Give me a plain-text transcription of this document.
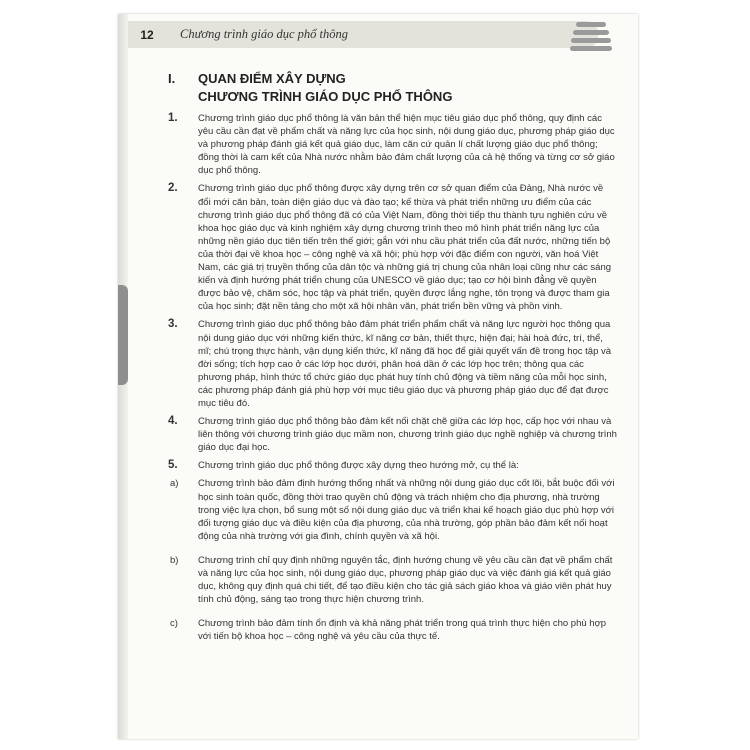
12	Chương trình giáo dục phổ thông
I. QUAN ĐIỂM XÂY DỰNG
CHƯƠNG TRÌNH GIÁO DỤC PHỔ THÔNG
1. Chương trình giáo dục phổ thông là văn bản thể hiện mục tiêu giáo dục phổ thông, quy định các yêu cầu cần đạt về phẩm chất và năng lực của học sinh, nội dung giáo dục, phương pháp giáo dục và phương pháp đánh giá kết quả giáo dục, làm căn cứ quản lí chất lượng giáo dục phổ thông; đồng thời là cam kết của Nhà nước nhằm bảo đảm chất lượng của cả hệ thống và từng cơ sở giáo dục phổ thông.
2. Chương trình giáo dục phổ thông được xây dựng trên cơ sở quan điểm của Đảng, Nhà nước về đổi mới căn bản, toàn diện giáo dục và đào tạo; kế thừa và phát triển những ưu điểm của các chương trình giáo dục phổ thông đã có của Việt Nam, đồng thời tiếp thu thành tựu nghiên cứu về khoa học giáo dục và kinh nghiệm xây dựng chương trình theo mô hình phát triển năng lực của những nền giáo dục tiên tiến trên thế giới; gắn với nhu cầu phát triển của đất nước, những tiến bộ của thời đại về khoa học – công nghệ và xã hội; phù hợp với đặc điểm con người, văn hoá Việt Nam, các giá trị truyền thống của dân tộc và những giá trị chung của nhân loại cũng như các sáng kiến và định hướng phát triển chung của UNESCO về giáo dục; tạo cơ hội bình đẳng về quyền được bảo vệ, chăm sóc, học tập và phát triển, quyền được lắng nghe, tôn trọng và được tham gia của học sinh; đặt nền tảng cho một xã hội nhân văn, phát triển bền vững và phồn vinh.
3. Chương trình giáo dục phổ thông bảo đảm phát triển phẩm chất và năng lực người học thông qua nội dung giáo dục với những kiến thức, kĩ năng cơ bản, thiết thực, hiện đại; hài hoà đức, trí, thể, mĩ; chú trọng thực hành, vận dụng kiến thức, kĩ năng đã học để giải quyết vấn đề trong học tập và đời sống; tích hợp cao ở các lớp học dưới, phân hoá dần ở các lớp học trên; thông qua các phương pháp, hình thức tổ chức giáo dục phát huy tính chủ động và tiềm năng của mỗi học sinh, các phương pháp đánh giá phù hợp với mục tiêu giáo dục và phương pháp giáo dục để đạt được mục tiêu đó.
4. Chương trình giáo dục phổ thông bảo đảm kết nối chặt chẽ giữa các lớp học, cấp học với nhau và liên thông với chương trình giáo dục mầm non, chương trình giáo dục nghề nghiệp và chương trình giáo dục đại học.
5. Chương trình giáo dục phổ thông được xây dựng theo hướng mở, cụ thể là:
a) Chương trình bảo đảm định hướng thống nhất và những nội dung giáo dục cốt lõi, bắt buộc đối với học sinh toàn quốc, đồng thời trao quyền chủ động và trách nhiệm cho địa phương, nhà trường trong việc lựa chọn, bổ sung một số nội dung giáo dục và triển khai kế hoạch giáo dục phù hợp với đối tượng giáo dục và điều kiện của địa phương, của nhà trường, góp phần bảo đảm kết nối hoạt động của nhà trường với gia đình, chính quyền và xã hội.
b) Chương trình chỉ quy định những nguyên tắc, định hướng chung về yêu cầu cần đạt về phẩm chất và năng lực của học sinh, nội dung giáo dục, phương pháp giáo dục và việc đánh giá kết quả giáo dục, không quy định quá chi tiết, để tạo điều kiện cho tác giả sách giáo khoa và giáo viên phát huy tính chủ động, sáng tạo trong thực hiện chương trình.
c) Chương trình bảo đảm tính ổn định và khả năng phát triển trong quá trình thực hiện cho phù hợp với tiến bộ khoa học – công nghệ và yêu cầu của thực tế.
